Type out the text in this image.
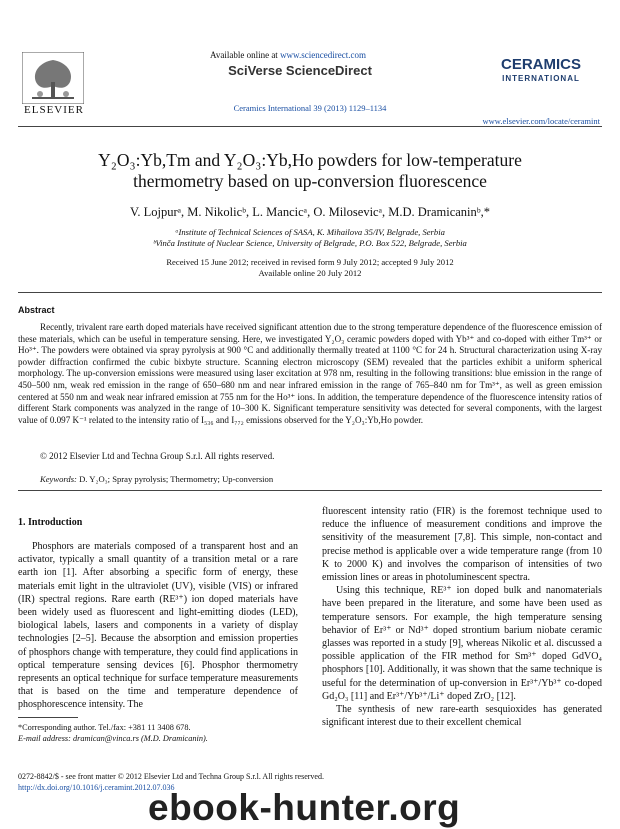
ELSEVIER
Available online at www.sciencedirect.com
SciVerse ScienceDirect
Ceramics International 39 (2013) 1129–1134
CERAMICS
INTERNATIONAL
www.elsevier.com/locate/ceramint
Y₂O₃:Yb,Tm and Y₂O₃:Yb,Ho powders for low-temperature
thermometry based on up-conversion fluorescence
V. Lojpurᵃ, M. Nikolicᵇ, L. Mancicᵃ, O. Milosevicᵃ, M.D. Dramicaninᵇ,*
ᵃInstitute of Technical Sciences of SASA, K. Mihailova 35/IV, Belgrade, Serbia
ᵇVinča Institute of Nuclear Science, University of Belgrade, P.O. Box 522, Belgrade, Serbia
Received 15 June 2012; received in revised form 9 July 2012; accepted 9 July 2012
Available online 20 July 2012
Abstract

Recently, trivalent rare earth doped materials have received significant attention due to the strong temperature dependence of the fluorescence emission of these materials, which can be useful in temperature sensing. Here, we investigated Y₂O₃ ceramic powders doped with Yb³⁺ and co-doped with either Tm³⁺ or Ho³⁺. The powders were obtained via spray pyrolysis at 900 °C and additionally thermally treated at 1100 °C for 24 h. Structural characterization using X-ray powder diffraction confirmed the cubic bixbyte structure. Scanning electron microscopy (SEM) revealed that the particles exhibit a uniform spherical morphology. The up-conversion emissions were measured using laser excitation at 978 nm, resulting in the following transitions: blue emission in the range of 450–500 nm, weak red emission in the range of 650–680 nm and near infrared emission in the range of 765–840 nm for Tm³⁺, as well as green emission centered at 550 nm and weak near infrared emission at 755 nm for the Ho³⁺ ions. In addition, the temperature dependence of the fluorescence intensity ratios of different Stark components was analyzed in the range of 10–300 K. Significant temperature sensitivity was detected for several components, with the largest value of 0.097 K⁻¹ related to the intensity ratio of I₅₃₆ and I₇₇₂ emissions observed for the Y₂O₃:Yb,Ho powder.

© 2012 Elsevier Ltd and Techna Group S.r.l. All rights reserved.
Keywords: D. Y₂O₃; Spray pyrolysis; Thermometry; Up-conversion
1. Introduction

Phosphors are materials composed of a transparent host and an activator, typically a small quantity of a transition metal or a rare earth ion [1]. After absorbing a specific form of energy, these materials emit light in the ultraviolet (UV), visible (VIS) or infrared (IR) spectral regions. Rare earth (RE³⁺) ion doped materials have been widely used as fluorescent and light-emitting diodes (LED), biological labels, lasers and components in a variety of display technologies [2–5]. Because the absorption and emission properties of phosphors change with temperature, they could find applications in optical temperature sensing devices [6]. Phosphor thermometry represents an optical technique for surface temperature measurements that is based on the time and temperature dependence of phosphorescence intensity. The

fluorescent intensity ratio (FIR) is the foremost technique used to reduce the influence of measurement conditions and improve the sensitivity of the measurement [7,8]. This simple, non-contact and precise method is applicable over a wide temperature range (from 10 K to 2000 K) and involves the comparison of intensities of two emission lines or areas in photoluminescent spectra.

Using this technique, RE³⁺ ion doped bulk and nanomaterials have been prepared in the literature, and some have been used as temperature sensors. For example, the high temperature sensing behavior of Er³⁺ or Nd³⁺ doped strontium barium niobate ceramic glasses was reported in a study [9], whereas Nikolic et al. discussed a possible application of the FIR method for Sm³⁺ doped GdVO₄ phosphors [10]. Additionally, it was shown that the same technique is useful for the determination of up-conversion in Er³⁺/Yb³⁺ co-doped Gd₂O₃ [11] and Er³⁺/Yb³⁺/Li⁺ doped ZrO₂ [12].

The synthesis of new rare-earth sesquioxides has generated significant interest due to their excellent chemical

*Corresponding author. Tel./fax: +381 11 3408 678.

E-mail address: dramican@vinca.rs (M.D. Dramicanin).

0272-8842/$ - see front matter © 2012 Elsevier Ltd and Techna Group S.r.l. All rights reserved.

http://dx.doi.org/10.1016/j.ceramint.2012.07.036

ebook-hunter.org
